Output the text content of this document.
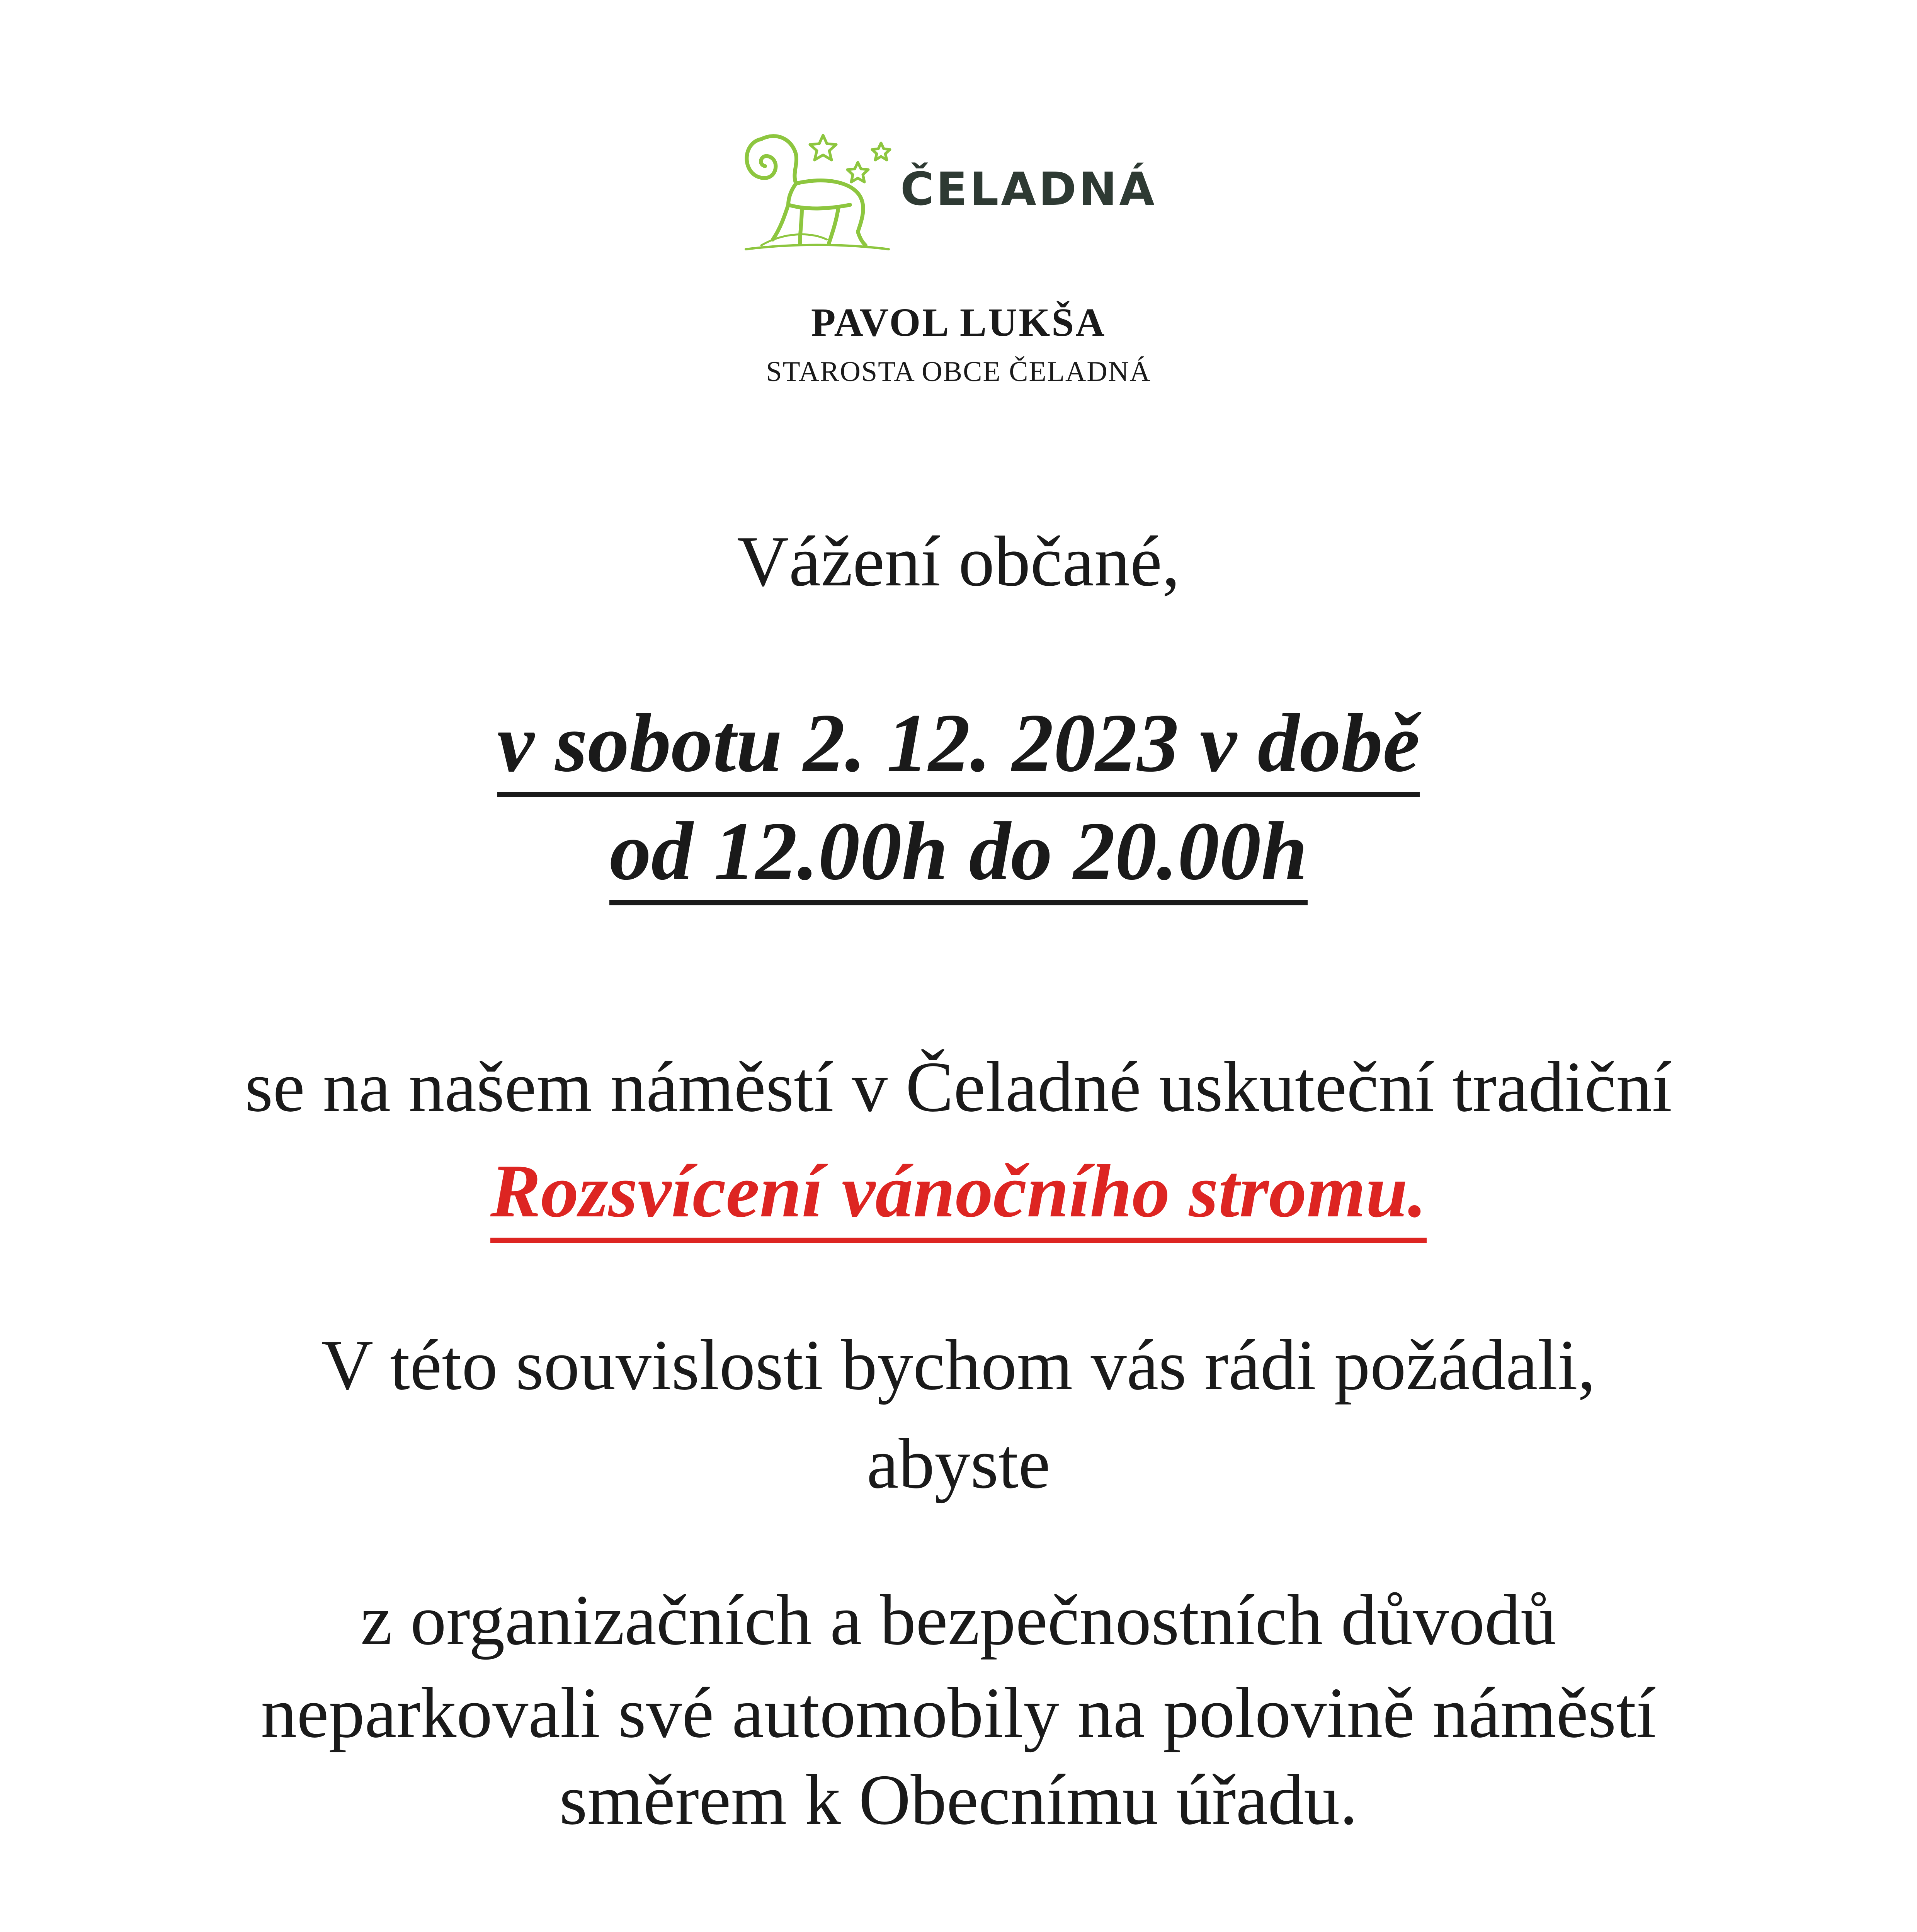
ČELADNÁ
PAVOL LUKŠA
STAROSTA OBCE ČELADNÁ
Vážení občané,
v sobotu 2. 12. 2023 v době
od 12.00h do 20.00h
se na našem náměstí v Čeladné uskuteční tradiční
Rozsvícení vánočního stromu.
V této souvislosti bychom vás rádi požádali,
abyste
z organizačních a bezpečnostních důvodů
neparkovali své automobily na polovině náměstí
směrem k Obecnímu úřadu.
